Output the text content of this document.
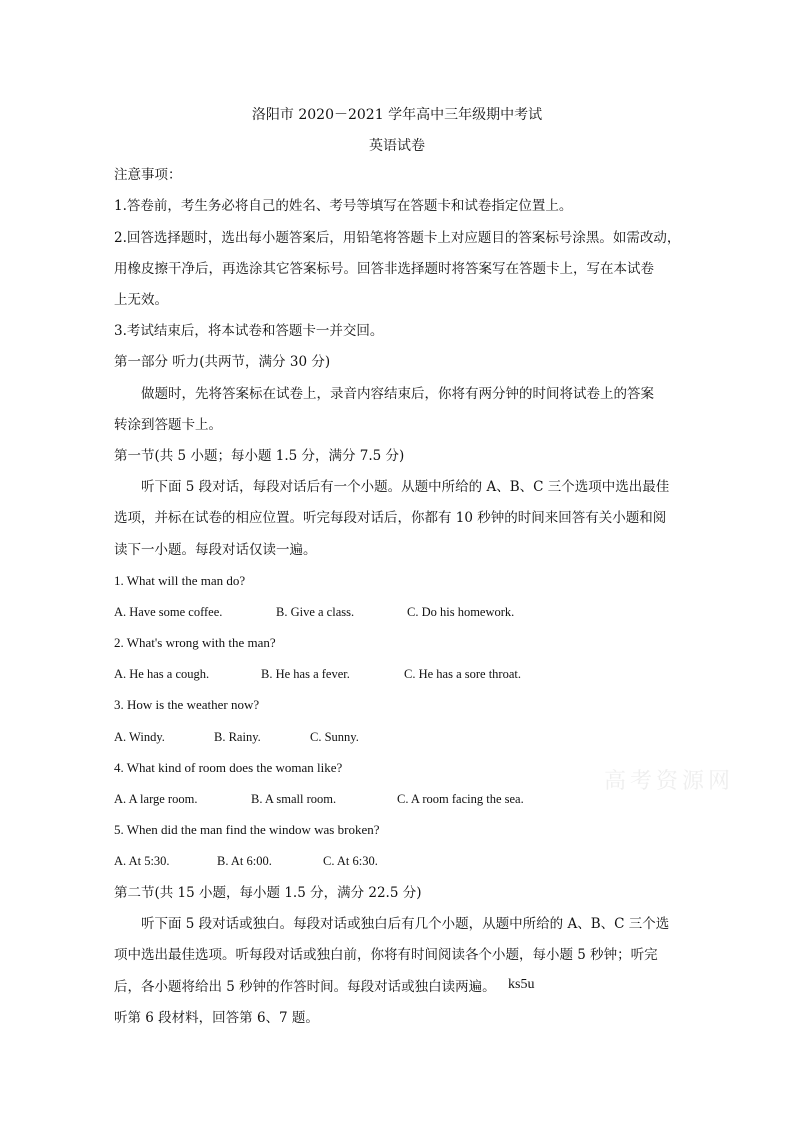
洛阳市 2020－2021 学年高中三年级期中考试
英语试卷
注意事项：
1.答卷前，考生务必将自己的姓名、考号等填写在答题卡和试卷指定位置上。
2.回答选择题时，选出每小题答案后，用铅笔将答题卡上对应题目的答案标号涂黑。如需改动，
用橡皮擦干净后，再选涂其它答案标号。回答非选择题时将答案写在答题卡上，写在本试卷
上无效。
3.考试结束后，将本试卷和答题卡一并交回。
第一部分 听力(共两节，满分 30 分)
做题时，先将答案标在试卷上，录音内容结束后，你将有两分钟的时间将试卷上的答案
转涂到答题卡上。
第一节(共 5 小题；每小题 1.5 分，满分 7.5 分)
听下面 5 段对话，每段对话后有一个小题。从题中所给的 A、B、C 三个选项中选出最佳
选项，并标在试卷的相应位置。听完每段对话后，你都有 10 秒钟的时间来回答有关小题和阅
读下一小题。每段对话仅读一遍。
1. What will the man do?
A. Have some coffee.	B. Give a class.	C. Do his homework.
2. What's wrong with the man?
A. He has a cough.	B. He has a fever.	C. He has a sore throat.
3. How is the weather now?
A. Windy.	B. Rainy.	C. Sunny.
4. What kind of room does the woman like?
A. A large room.	B. A small room.	C. A room facing the sea.
5. When did the man find the window was broken?
A. At 5:30.	B. At 6:00.	C. At 6:30.
第二节(共 15 小题，每小题 1.5 分，满分 22.5 分)
听下面 5 段对话或独白。每段对话或独白后有几个小题，从题中所给的 A、B、C 三个选
项中选出最佳选项。听每段对话或独白前，你将有时间阅读各个小题，每小题 5 秒钟；听完
后，各小题将给出 5 秒钟的作答时间。每段对话或独白读两遍。 ks5u
听第 6 段材料，回答第 6、7 题。
高考资源网
